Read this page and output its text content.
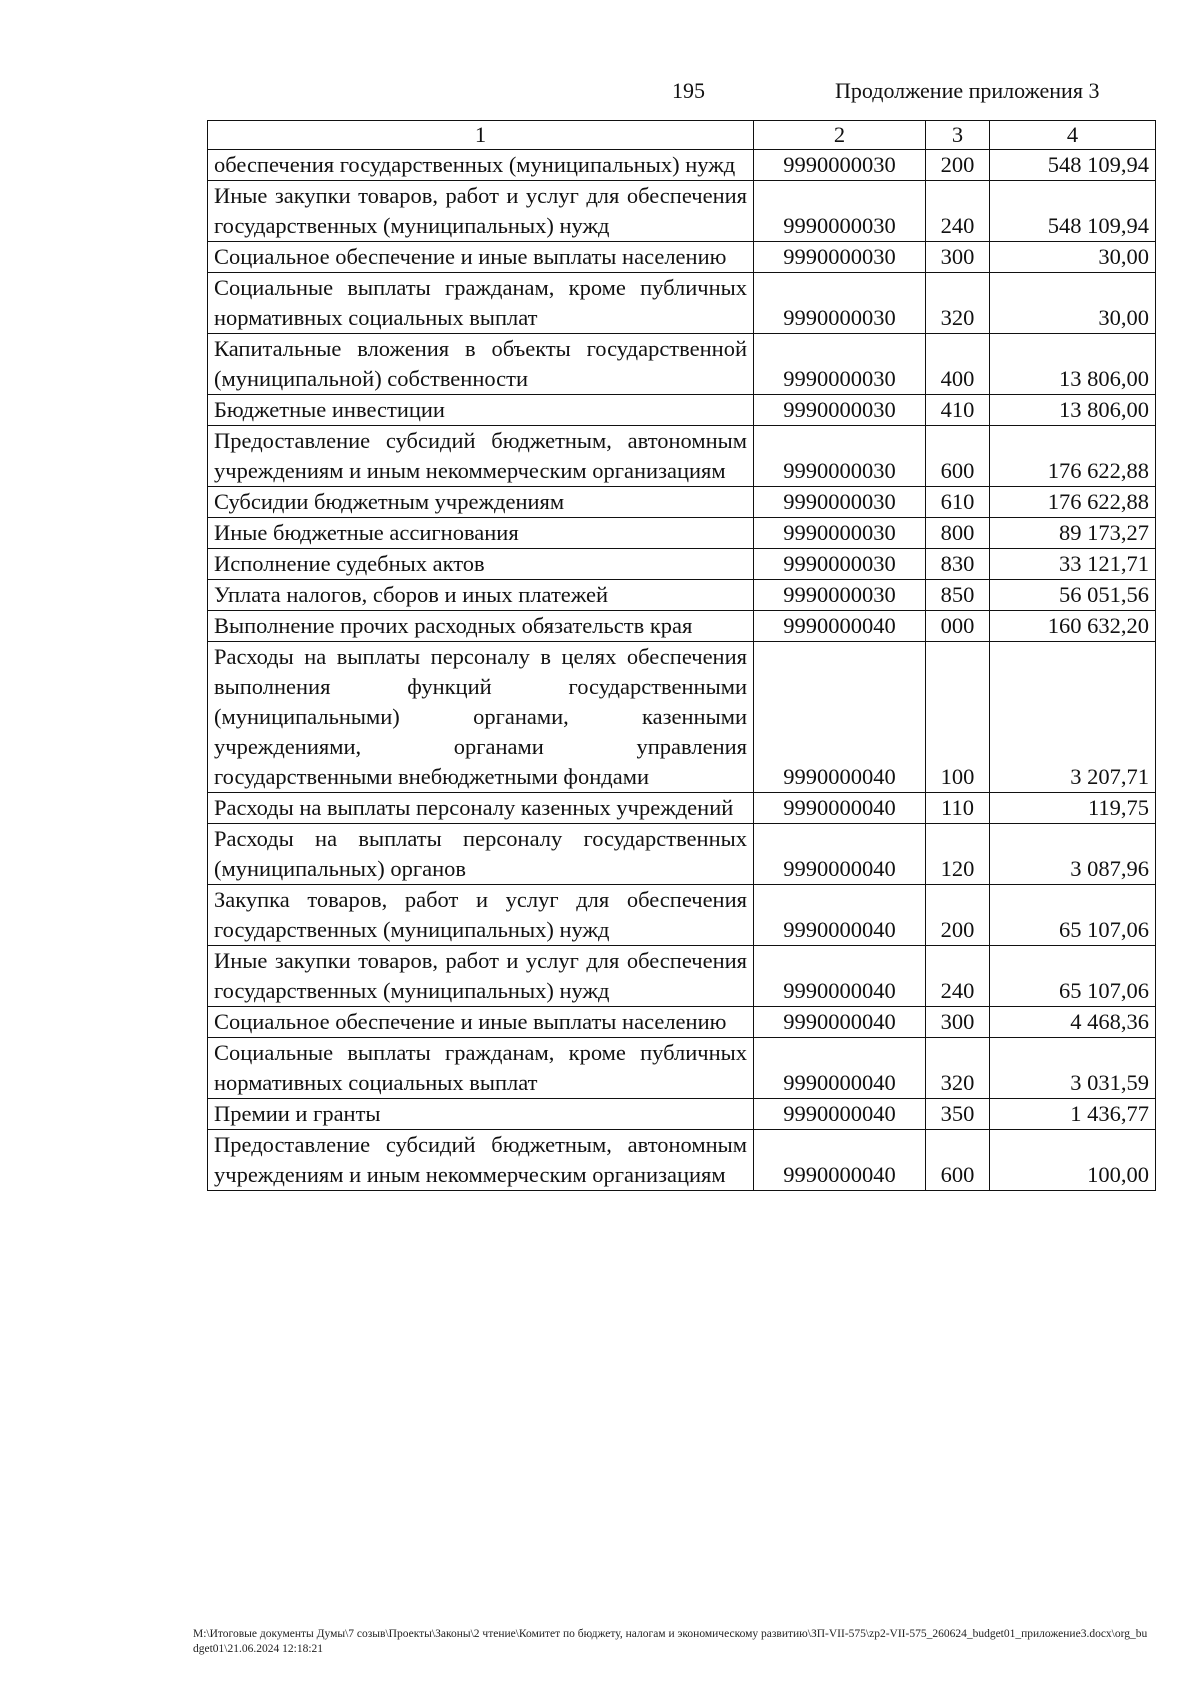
195	Продолжение приложения 3
1	2	3	4
обеспечения государственных (муниципальных) нужд	9990000030	200	548 109,94
Иные закупки товаров, работ и услуг для обеспечения государственных (муниципальных) нужд	9990000030	240	548 109,94
Социальное обеспечение и иные выплаты населению	9990000030	300	30,00
Социальные выплаты гражданам, кроме публичных нормативных социальных выплат	9990000030	320	30,00
Капитальные вложения в объекты государственной (муниципальной) собственности	9990000030	400	13 806,00
Бюджетные инвестиции	9990000030	410	13 806,00
Предоставление субсидий бюджетным, автономным учреждениям и иным некоммерческим организациям	9990000030	600	176 622,88
Субсидии бюджетным учреждениям	9990000030	610	176 622,88
Иные бюджетные ассигнования	9990000030	800	89 173,27
Исполнение судебных актов	9990000030	830	33 121,71
Уплата налогов, сборов и иных платежей	9990000030	850	56 051,56
Выполнение прочих расходных обязательств края	9990000040	000	160 632,20
Расходы на выплаты персоналу в целях обеспечения выполнения функций государственными (муниципальными) органами, казенными учреждениями, органами управления государственными внебюджетными фондами	9990000040	100	3 207,71
Расходы на выплаты персоналу казенных учреждений	9990000040	110	119,75
Расходы на выплаты персоналу государственных (муниципальных) органов	9990000040	120	3 087,96
Закупка товаров, работ и услуг для обеспечения государственных (муниципальных) нужд	9990000040	200	65 107,06
Иные закупки товаров, работ и услуг для обеспечения государственных (муниципальных) нужд	9990000040	240	65 107,06
Социальное обеспечение и иные выплаты населению	9990000040	300	4 468,36
Социальные выплаты гражданам, кроме публичных нормативных социальных выплат	9990000040	320	3 031,59
Премии и гранты	9990000040	350	1 436,77
Предоставление субсидий бюджетным, автономным учреждениям и иным некоммерческим организациям	9990000040	600	100,00
M:\Итоговые документы Думы\7 созыв\Проекты\Законы\2 чтение\Комитет по бюджету, налогам и экономическому развитию\ЗП-VII-575\zp2-VII-575_260624_budget01_приложение3.docx\org_budget01\21.06.2024 12:18:21
